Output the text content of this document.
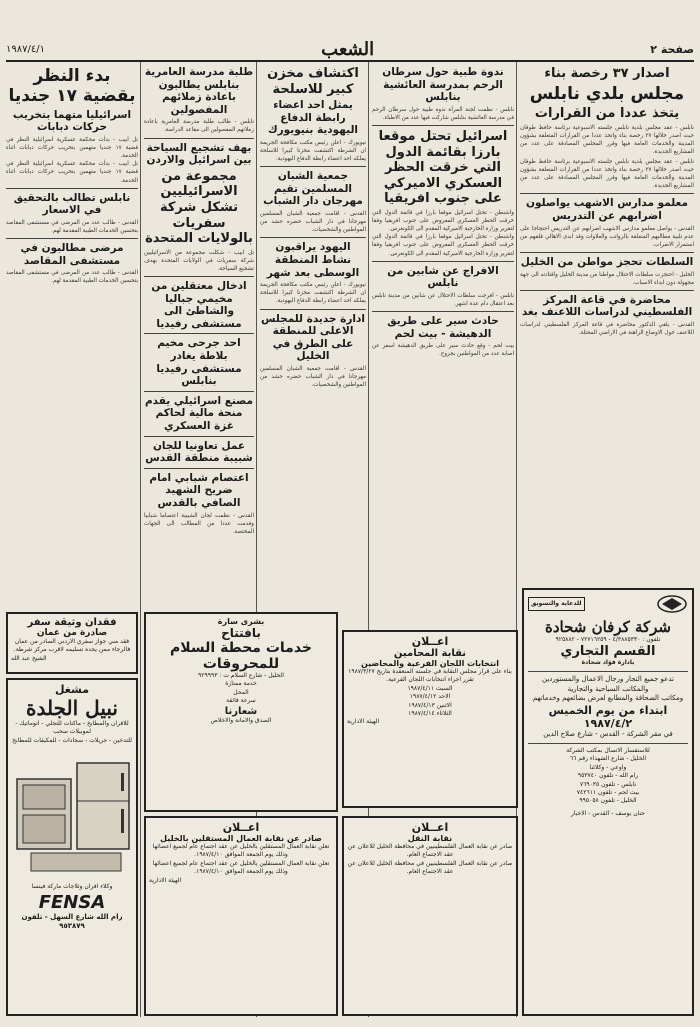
١٩٨٧/٤/١	الشعب	صفحة ٢
اصدار ٣٧ رخصة بناء
مجلس بلدي نابلس
يتخذ عددا من القرارات
نابلس - عقد مجلس بلدية نابلس جلسته الاسبوعية برئاسة حافظ طوقان حيث اصدر خلالها ٣٧ رخصة بناء واتخذ عددا من القرارات المتعلقة بشؤون المدينة والخدمات العامة فيها وقرر المجلس المصادقة على عدد من المشاريع الجديدة.
نابلس - عقد مجلس بلدية نابلس جلسته الاسبوعية برئاسة حافظ طوقان حيث اصدر خلالها ٣٧ رخصة بناء واتخذ عددا من القرارات المتعلقة بشؤون المدينة والخدمات العامة فيها وقرر المجلس المصادقة على عدد من المشاريع الجديدة.
معلمو مدارس الاشهب يواصلون اضرابهم عن التدريس
القدس - يواصل معلمو مدارس الاشهب اضرابهم عن التدريس احتجاجا على عدم تلبية مطالبهم المتعلقة بالرواتب والعلاوات وقد ابدى الاهالي قلقهم من استمرار الاضراب.
السلطات تحجز مواطن من الخليل
الخليل - احتجزت سلطات الاحتلال مواطنا من مدينة الخليل واقتادته الى جهة مجهولة دون ابداء الاسباب.
محاضرة في قاعة المركز الفلسطيني لدراسات اللاعنف بغد
القدس - يلقي الدكتور محاضرة في قاعة المركز الفلسطيني لدراسات اللاعنف حول الاوضاع الراهنة في الاراضي المحتلة.
ندوة طبية حول سرطان الرحم بمدرسة العائشية بنابلس
نابلس - نظمت لجنة المرأة ندوة طبية حول سرطان الرحم في مدرسة العائشية بنابلس شاركت فيها عدد من الاطباء.
اسرائيل تحتل موقعا بارزا بقائمة الدول التي خرقت الحظر العسكري الاميركي على جنوب افريقيا
واشنطن - تحتل اسرائيل موقعا بارزا في قائمة الدول التي خرقت الحظر العسكري المفروض على جنوب افريقيا وفقا لتقرير وزارة الخارجية الاميركية المقدم الى الكونغرس.
واشنطن - تحتل اسرائيل موقعا بارزا في قائمة الدول التي خرقت الحظر العسكري المفروض على جنوب افريقيا وفقا لتقرير وزارة الخارجية الاميركية المقدم الى الكونغرس.
الافراج عن شابين من نابلس
نابلس - افرجت سلطات الاحتلال عن شابين من مدينة نابلس بعد اعتقال دام عدة اشهر.
حادث سير على طريق الدهيشة - بيت لحم
بيت لحم - وقع حادث سير على طريق الدهيشة اسفر عن اصابة عدد من المواطنين بجروح.
اكتشاف مخزن كبير للاسلحة
يمثل احد اعضاء رابطة الدفاع اليهودية بنيويورك
نيويورك - اعلن رئيس مكتب مكافحة الجريمة ان الشرطة اكتشفت مخزنا كبيرا للاسلحة يملكه احد اعضاء رابطة الدفاع اليهودية.
جمعية الشبان المسلمين تقيم مهرجان دار الشباب
القدس - اقامت جمعية الشبان المسلمين مهرجانا في دار الشباب حضره حشد من المواطنين والشخصيات.
اليهود يراقبون نشاط المنطقة الوسطى بعد شهر
نيويورك - اعلن رئيس مكتب مكافحة الجريمة ان الشرطة اكتشفت مخزنا كبيرا للاسلحة يملكه احد اعضاء رابطة الدفاع اليهودية.
ادارة جديدة للمجلس الاعلى للمنطقة على الطرق في الخليل
القدس - اقامت جمعية الشبان المسلمين مهرجانا في دار الشباب حضره حشد من المواطنين والشخصيات.
طلبة مدرسة العامرية بنابلس يطالبون باعادة زملائهم المفصولين
نابلس - طالب طلبة مدرسة العامرية باعادة زملائهم المفصولين الى مقاعد الدراسة.
بهف تشجيع السياحة بين اسرائيل والاردن
مجموعة من الاسرائيليين تشكل شركة سفريات بالولايات المتحدة
تل ابيب - شكلت مجموعة من الاسرائيليين شركة سفريات في الولايات المتحدة بهدف تشجيع السياحة.
ادخال معتقلين من مخيمي جباليا والشاطئ الى مستشفى رفيديا
احد جرحى مخيم بلاطة يغادر مستشفى رفيديا بنابلس
مصنع اسرائيلي يقدم منحة مالية لحاكم غزة العسكري
عمل تعاونيا للجان شبيبة منطقة القدس
اعتصام شبابي امام ضريح الشهيد الصافي بالقدس
القدس - نظمت لجان الشبيبة اعتصاما شبابيا وقدمت عددا من المطالب الى الجهات المختصة.
بدء النظر بقضية ١٧ جنديا
اسرائيليا متهما بتخريب حركات دبابات
تل ابيب - بدأت محكمة عسكرية اسرائيلية النظر في قضية ١٧ جنديا متهمين بتخريب حركات دبابات اثناء الخدمة.
تل ابيب - بدأت محكمة عسكرية اسرائيلية النظر في قضية ١٧ جنديا متهمين بتخريب حركات دبابات اثناء الخدمة.
نابلس تطالب بالتحقيق في الاسعار
القدس - طالب عدد من المرضى في مستشفى المقاصد بتحسين الخدمات الطبية المقدمة لهم.
مرضى مطالبون في مستشفى المقاصد
القدس - طالب عدد من المرضى في مستشفى المقاصد بتحسين الخدمات الطبية المقدمة لهم.
فقدان وثيقة سفر
صادرة من عمان
فقد مني جواز سفري الاردني الصادر من عمان فالرجاء ممن يجده تسليمه لاقرب مركز شرطة.
الشيخ عبد الله
مشغل
نبيل الجلدة
للافران والمطابخ - ماكنات للتجلي - اتوماتيك - لموبيلات سحب
للتدخين - جريلات - سجادات - للمكيفات للمطابخ
وكلاء افران وثلاجات ماركة فينسا
FENSA
رام الله شارع السهل - تلفون ٩٥٣٨٧٩
بشرى سارة
بافتتاح
خدمات محطة السلام للمحروقات
الخليل - شارع السلام ت : ٩٢٩٩٩٣
خدمة ممتازة
المحل
سرعة فائقة
شعارنا
الصدق والامانة والاخلاص
اعــلان
نقابة المحامين
انتخابات اللجان الفرعية والمحاضين
بناء على قرار مجلس النقابة في جلسته المنعقدة بتاريخ ١٩٨٧/٣/٢٧ تقرر اجراء انتخابات اللجان الفرعية.
السبت ١٩٨٧/٤/١١
الاحد ١٩٨٧/٤/١٢
الاثنين ١٩٨٧/٤/١٣
الثلاثاء ١٩٨٧/٤/١٤
الهيئة الادارية
اعــلان
صادر عن نقابة العمال المستقلين بالخليل
تعلن نقابة العمال المستقلين بالخليل عن عقد اجتماع عام لجميع اعضائها وذلك يوم الجمعة الموافق ١٩٨٧/٤/١٠.
تعلن نقابة العمال المستقلين بالخليل عن عقد اجتماع عام لجميع اعضائها وذلك يوم الجمعة الموافق ١٩٨٧/٤/١٠.
الهيئة الادارية
اعــلان
نقابة النقل
صادر عن نقابة العمال الفلسطينيين في محافظة الخليل للاعلان عن عقد الاجتماع العام.
صادر عن نقابة العمال الفلسطينيين في محافظة الخليل للاعلان عن عقد الاجتماع العام.
للدعاية والتسويق
شركة كرفان شحادة
تلفون : ٤/٣٨٨٥٣٣٠ - ٧٢٧١٦٢٥٩ - ٩٢٥٨٨٢
القسم التجاري
بادارة فؤاد شحادة
تدعو جميع التجار ورجال الاعمال والمستوردين والمكاتب السياحية والتجارية
ومكاتب الصحافة والمطابع لعرض بضائعهم وخدماتهم
ابتداء من يوم الخميس ١٩٨٧/٤/٢
في مقر الشركة - القدس - شارع صلاح الدين
للاستفسار الاتصال بمكتب الشركة
الخليل - شارع الشهداء رقم ٦٦
واوعي - وكلائنا
رام الله - تلفون ٩٥٣٧٤٠
نابلس - تلفون ٧٦٩٠٣٥
بيت لحم - تلفون ٧٤٢٦١١
الخليل - تلفون ٩٩٥٠٥٨
حنان يوسف - القدس - الاخبار
